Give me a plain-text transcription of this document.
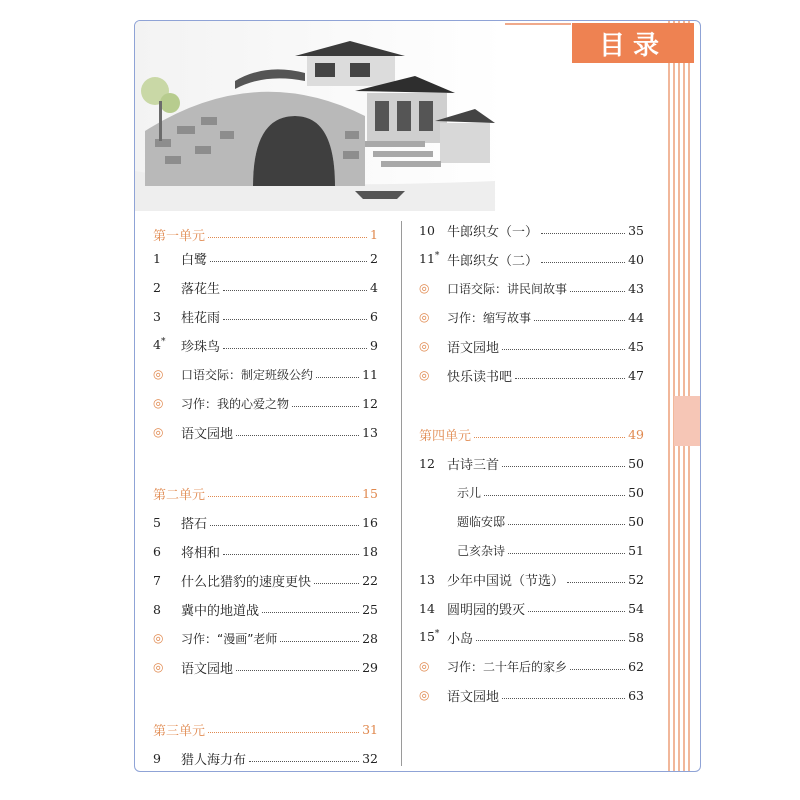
目录
第一单元	1
1	白鹭	2
2	落花生	4
3	桂花雨	6
4*	珍珠鸟	9
◎	口语交际：制定班级公约	11
◎	习作：我的心爱之物	12
◎	语文园地	13
第二单元	15
5	搭石	16
6	将相和	18
7	什么比猎豹的速度更快	22
8	冀中的地道战	25
◎	习作：“漫画”老师	28
◎	语文园地	29
第三单元	31
9	猎人海力布	32
10 牛郎织女（一）	35
11* 牛郎织女（二）	40
◎	口语交际：讲民间故事	43
◎	习作：缩写故事	44
◎	语文园地	45
◎	快乐读书吧	47
第四单元	49
12 古诗三首	50
示儿	50
题临安邸	50
己亥杂诗	51
13 少年中国说（节选）	52
14 圆明园的毁灭	54
15* 小岛	58
◎	习作：二十年后的家乡	62
◎	语文园地	63
